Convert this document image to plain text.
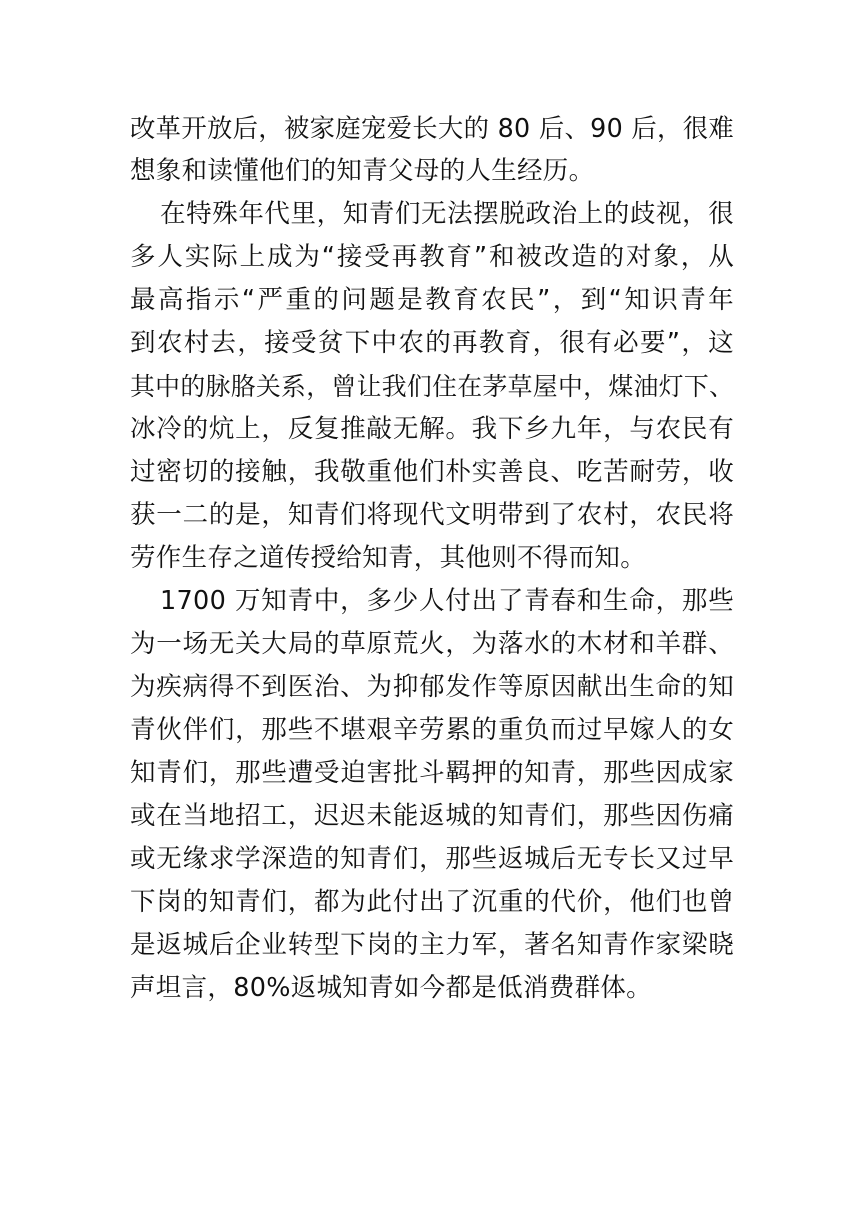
改革开放后，被家庭宠爱长大的 80 后、90 后，很难
想象和读懂他们的知青父母的人生经历。
在特殊年代里，知青们无法摆脱政治上的歧视，很
多人实际上成为“接受再教育”和被改造的对象，从
最高指示“严重的问题是教育农民”，到“知识青年
到农村去，接受贫下中农的再教育，很有必要”，这
其中的脉胳关系，曾让我们住在茅草屋中，煤油灯下、
冰冷的炕上，反复推敲无解。我下乡九年，与农民有
过密切的接触，我敬重他们朴实善良、吃苦耐劳，收
获一二的是，知青们将现代文明带到了农村，农民将
劳作生存之道传授给知青，其他则不得而知。
1700 万知青中，多少人付出了青春和生命，那些
为一场无关大局的草原荒火，为落水的木材和羊群、
为疾病得不到医治、为抑郁发作等原因献出生命的知
青伙伴们，那些不堪艰辛劳累的重负而过早嫁人的女
知青们，那些遭受迫害批斗羁押的知青，那些因成家
或在当地招工，迟迟未能返城的知青们，那些因伤痛
或无缘求学深造的知青们，那些返城后无专长又过早
下岗的知青们，都为此付出了沉重的代价，他们也曾
是返城后企业转型下岗的主力军，著名知青作家梁晓
声坦言，80%返城知青如今都是低消费群体。
